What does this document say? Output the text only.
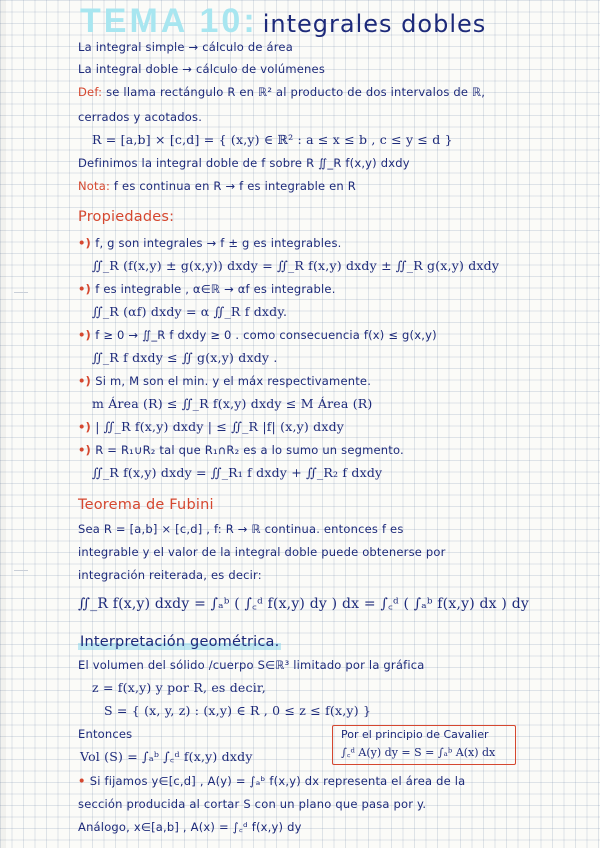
TEMA 10: integrales dobles
La integral simple → cálculo de área
La integral doble → cálculo de volúmenes
Def: se llama rectángulo R en ℝ² al producto de dos intervalos de ℝ,
cerrados y acotados.
R = [a,b] × [c,d] = { (x,y) ∈ ℝ² : a ≤ x ≤ b , c ≤ y ≤ d }
Definimos la integral doble de f sobre R ∬_R f(x,y) dxdy
Nota: f es continua en R → f es integrable en R
Propiedades:
•) f, g son integrales → f ± g es integrables.
∬_R (f(x,y) ± g(x,y)) dxdy = ∬_R f(x,y) dxdy ± ∬_R g(x,y) dxdy
•) f es integrable , α∈ℝ → αf es integrable.
∬_R (αf) dxdy = α ∬_R f dxdy.
•) f ≥ 0 → ∬_R f dxdy ≥ 0 . como consecuencia f(x) ≤ g(x,y)
∬_R f dxdy ≤ ∬ g(x,y) dxdy .
•) Si m, M son el min. y el máx respectivamente.
m Área (R) ≤ ∬_R f(x,y) dxdy ≤ M Área (R)
•) | ∬_R f(x,y) dxdy | ≤ ∬_R |f| (x,y) dxdy
•) R = R₁∪R₂ tal que R₁∩R₂ es a lo sumo un segmento.
∬_R f(x,y) dxdy = ∬_R₁ f dxdy + ∬_R₂ f dxdy
Teorema de Fubini
Sea R = [a,b] × [c,d] , f: R → ℝ continua. entonces f es
integrable y el valor de la integral doble puede obtenerse por
integración reiterada, es decir:
∬_R f(x,y) dxdy = ∫ₐᵇ ( ∫꜀ᵈ f(x,y) dy ) dx = ∫꜀ᵈ ( ∫ₐᵇ f(x,y) dx ) dy
Interpretación geométrica.
El volumen del sólido /cuerpo S∈ℝ³ limitado por la gráfica
z = f(x,y) y por R, es decir,
S = { (x, y, z) : (x,y) ∈ R , 0 ≤ z ≤ f(x,y) }
Entonces
Vol (S) = ∫ₐᵇ ∫꜀ᵈ f(x,y) dxdy
Por el principio de Cavalier
∫꜀ᵈ A(y) dy = S = ∫ₐᵇ A(x) dx
• Si fijamos y∈[c,d] , A(y) = ∫ₐᵇ f(x,y) dx representa el área de la
sección producida al cortar S con un plano que pasa por y.
Análogo, x∈[a,b] , A(x) = ∫꜀ᵈ f(x,y) dy
